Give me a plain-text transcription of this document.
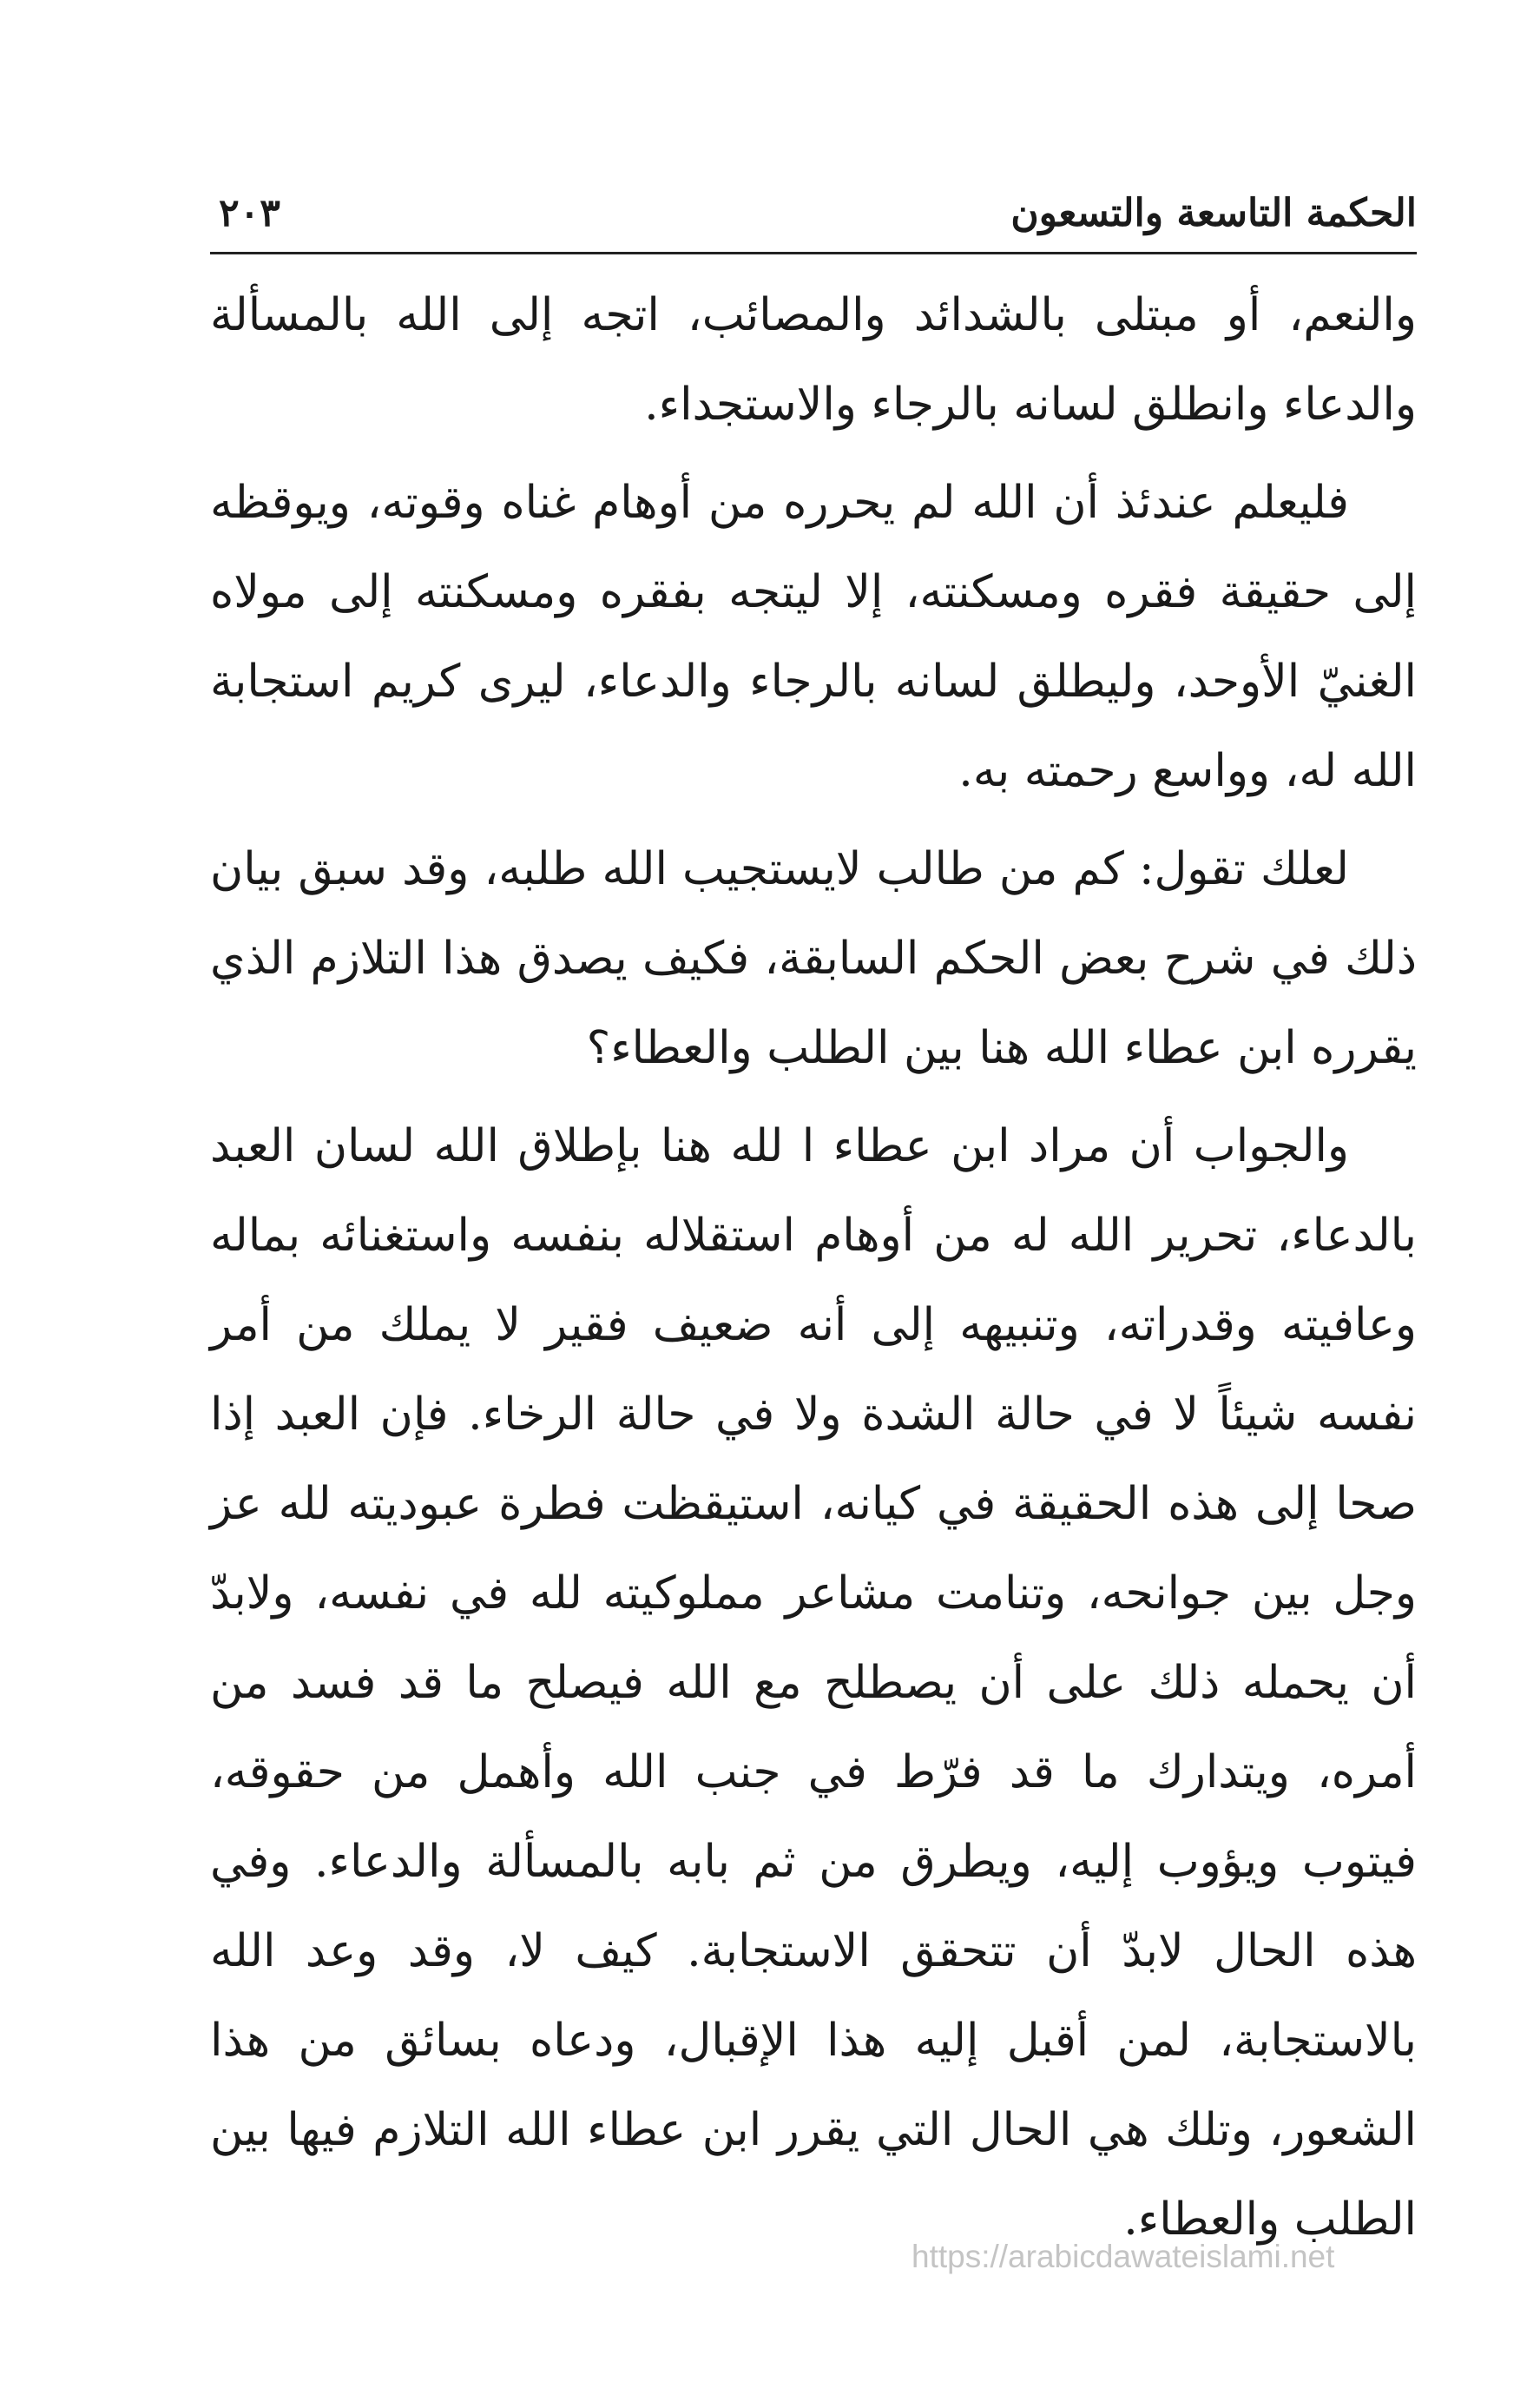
الحكمة التاسعة والتسعون
٢٠٣

والنعم، أو مبتلى بالشدائد والمصائب، اتجه إلى الله بالمسألة والدعاء وانطلق لسانه بالرجاء والاستجداء.

فليعلم عندئذ أن الله لم يحرره من أوهام غناه وقوته، ويوقظه إلى حقيقة فقره ومسكنته، إلا ليتجه بفقره ومسكنته إلى مولاه الغنيّ الأوحد، وليطلق لسانه بالرجاء والدعاء، ليرى كريم استجابة الله له، وواسع رحمته به.

لعلك تقول: كم من طالب لايستجيب الله طلبه، وقد سبق بيان ذلك في شرح بعض الحكم السابقة، فكيف يصدق هذا التلازم الذي يقرره ابن عطاء الله هنا بين الطلب والعطاء؟

والجواب أن مراد ابن عطاء ا لله هنا بإطلاق الله لسان العبد بالدعاء، تحرير الله له من أوهام استقلاله بنفسه واستغنائه بماله وعافيته وقدراته، وتنبيهه إلى أنه ضعيف فقير لا يملك من أمر نفسه شيئاً لا في حالة الشدة ولا في حالة الرخاء. فإن العبد إذا صحا إلى هذه الحقيقة في كيانه، استيقظت فطرة عبوديته لله عز وجل بين جوانحه، وتنامت مشاعر مملوكيته لله في نفسه، ولابدّ أن يحمله ذلك على أن يصطلح مع الله فيصلح ما قد فسد من أمره، ويتدارك ما قد فرّط في جنب الله وأهمل من حقوقه، فيتوب ويؤوب إليه، ويطرق من ثم بابه بالمسألة والدعاء. وفي هذه الحال لابدّ أن تتحقق الاستجابة. كيف لا، وقد وعد الله بالاستجابة، لمن أقبل إليه هذا الإقبال، ودعاه بسائق من هذا الشعور، وتلك هي الحال التي يقرر ابن عطاء الله التلازم فيها بين الطلب والعطاء.

https://arabicdawateislami.net
